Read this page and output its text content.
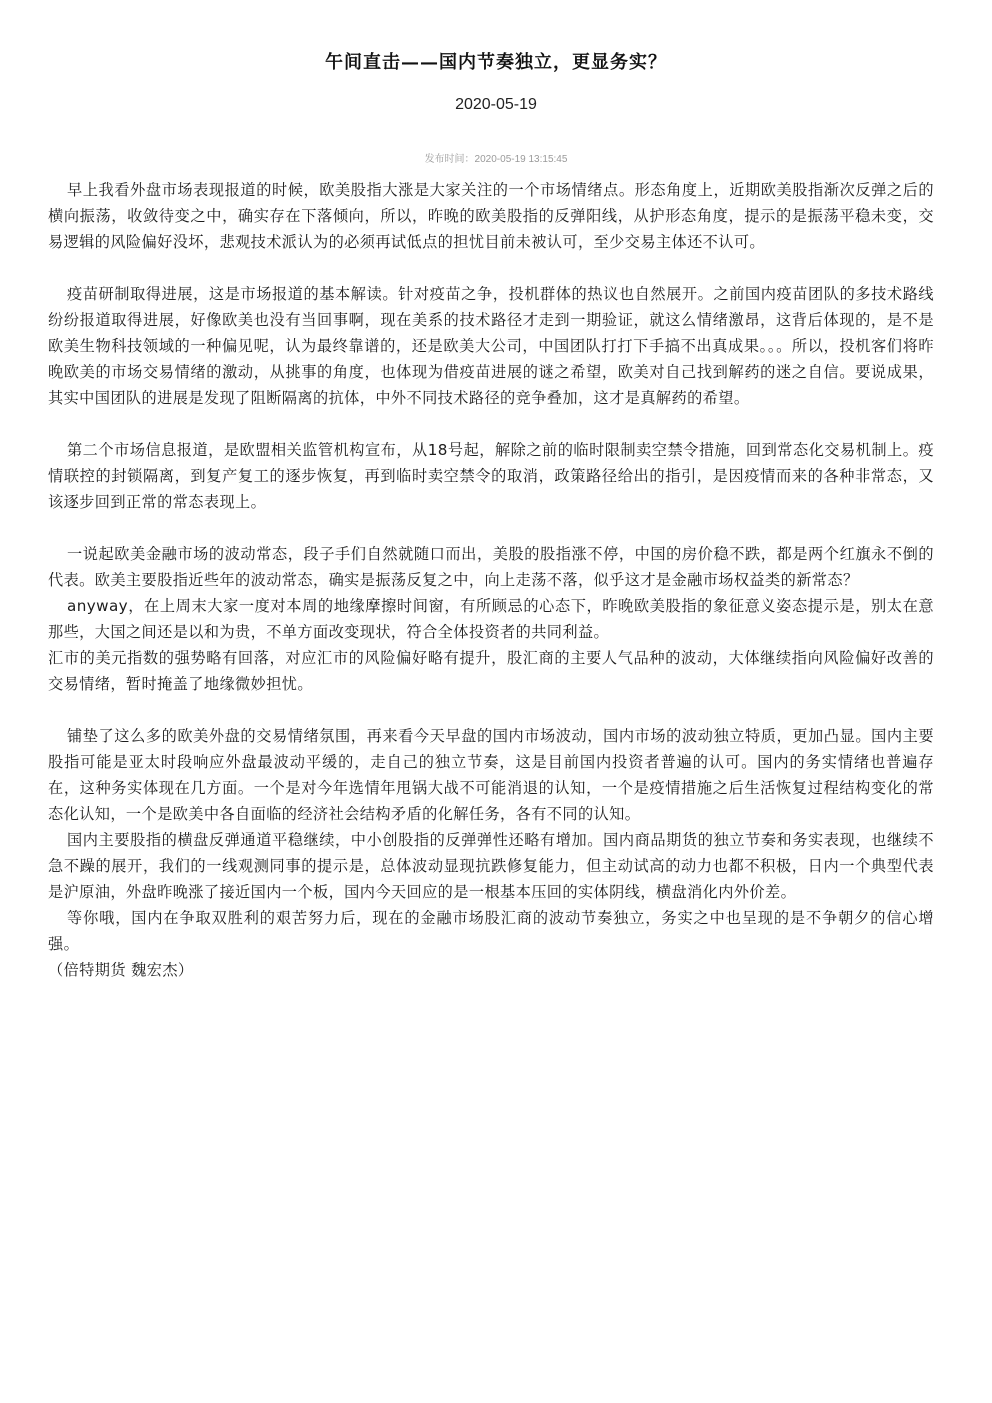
午间直击——国内节奏独立，更显务实？
2020-05-19
发布时间：2020-05-19 13:15:45

早上我看外盘市场表现报道的时候，欧美股指大涨是大家关注的一个市场情绪点。形态角度上，近期欧美股指渐次反弹之后的横向振荡，收敛待变之中，确实存在下落倾向，所以，昨晚的欧美股指的反弹阳线，从护形态角度，提示的是振荡平稳未变，交易逻辑的风险偏好没坏，悲观技术派认为的必须再试低点的担忧目前未被认可，至少交易主体还不认可。

疫苗研制取得进展，这是市场报道的基本解读。针对疫苗之争，投机群体的热议也自然展开。之前国内疫苗团队的多技术路线纷纷报道取得进展，好像欧美也没有当回事啊，现在美系的技术路径才走到一期验证，就这么情绪激昂，这背后体现的，是不是欧美生物科技领域的一种偏见呢，认为最终靠谱的，还是欧美大公司，中国团队打打下手搞不出真成果。。。所以，投机客们将昨晚欧美的市场交易情绪的激动，从挑事的角度，也体现为借疫苗进展的谜之希望，欧美对自己找到解药的迷之自信。要说成果，其实中国团队的进展是发现了阻断隔离的抗体，中外不同技术路径的竞争叠加，这才是真解药的希望。

第二个市场信息报道，是欧盟相关监管机构宣布，从18号起，解除之前的临时限制卖空禁令措施，回到常态化交易机制上。疫情联控的封锁隔离，到复产复工的逐步恢复，再到临时卖空禁令的取消，政策路径给出的指引，是因疫情而来的各种非常态，又该逐步回到正常的常态表现上。

一说起欧美金融市场的波动常态，段子手们自然就随口而出，美股的股指涨不停，中国的房价稳不跌，都是两个红旗永不倒的代表。欧美主要股指近些年的波动常态，确实是振荡反复之中，向上走荡不落，似乎这才是金融市场权益类的新常态？

anyway，在上周末大家一度对本周的地缘摩擦时间窗，有所顾忌的心态下，昨晚欧美股指的象征意义姿态提示是，别太在意那些，大国之间还是以和为贵，不单方面改变现状，符合全体投资者的共同利益。

汇市的美元指数的强势略有回落，对应汇市的风险偏好略有提升，股汇商的主要人气品种的波动，大体继续指向风险偏好改善的交易情绪，暂时掩盖了地缘微妙担忧。

铺垫了这么多的欧美外盘的交易情绪氛围，再来看今天早盘的国内市场波动，国内市场的波动独立特质，更加凸显。国内主要股指可能是亚太时段响应外盘最波动平缓的，走自己的独立节奏，这是目前国内投资者普遍的认可。国内的务实情绪也普遍存在，这种务实体现在几方面。一个是对今年选情年甩锅大战不可能消退的认知，一个是疫情措施之后生活恢复过程结构变化的常态化认知，一个是欧美中各自面临的经济社会结构矛盾的化解任务，各有不同的认知。

国内主要股指的横盘反弹通道平稳继续，中小创股指的反弹弹性还略有增加。国内商品期货的独立节奏和务实表现，也继续不急不躁的展开，我们的一线观测同事的提示是，总体波动显现抗跌修复能力，但主动试高的动力也都不积极，日内一个典型代表是沪原油，外盘昨晚涨了接近国内一个板，国内今天回应的是一根基本压回的实体阴线，横盘消化内外价差。

等你哦，国内在争取双胜利的艰苦努力后，现在的金融市场股汇商的波动节奏独立，务实之中也呈现的是不争朝夕的信心增强。

（倍特期货 魏宏杰）
